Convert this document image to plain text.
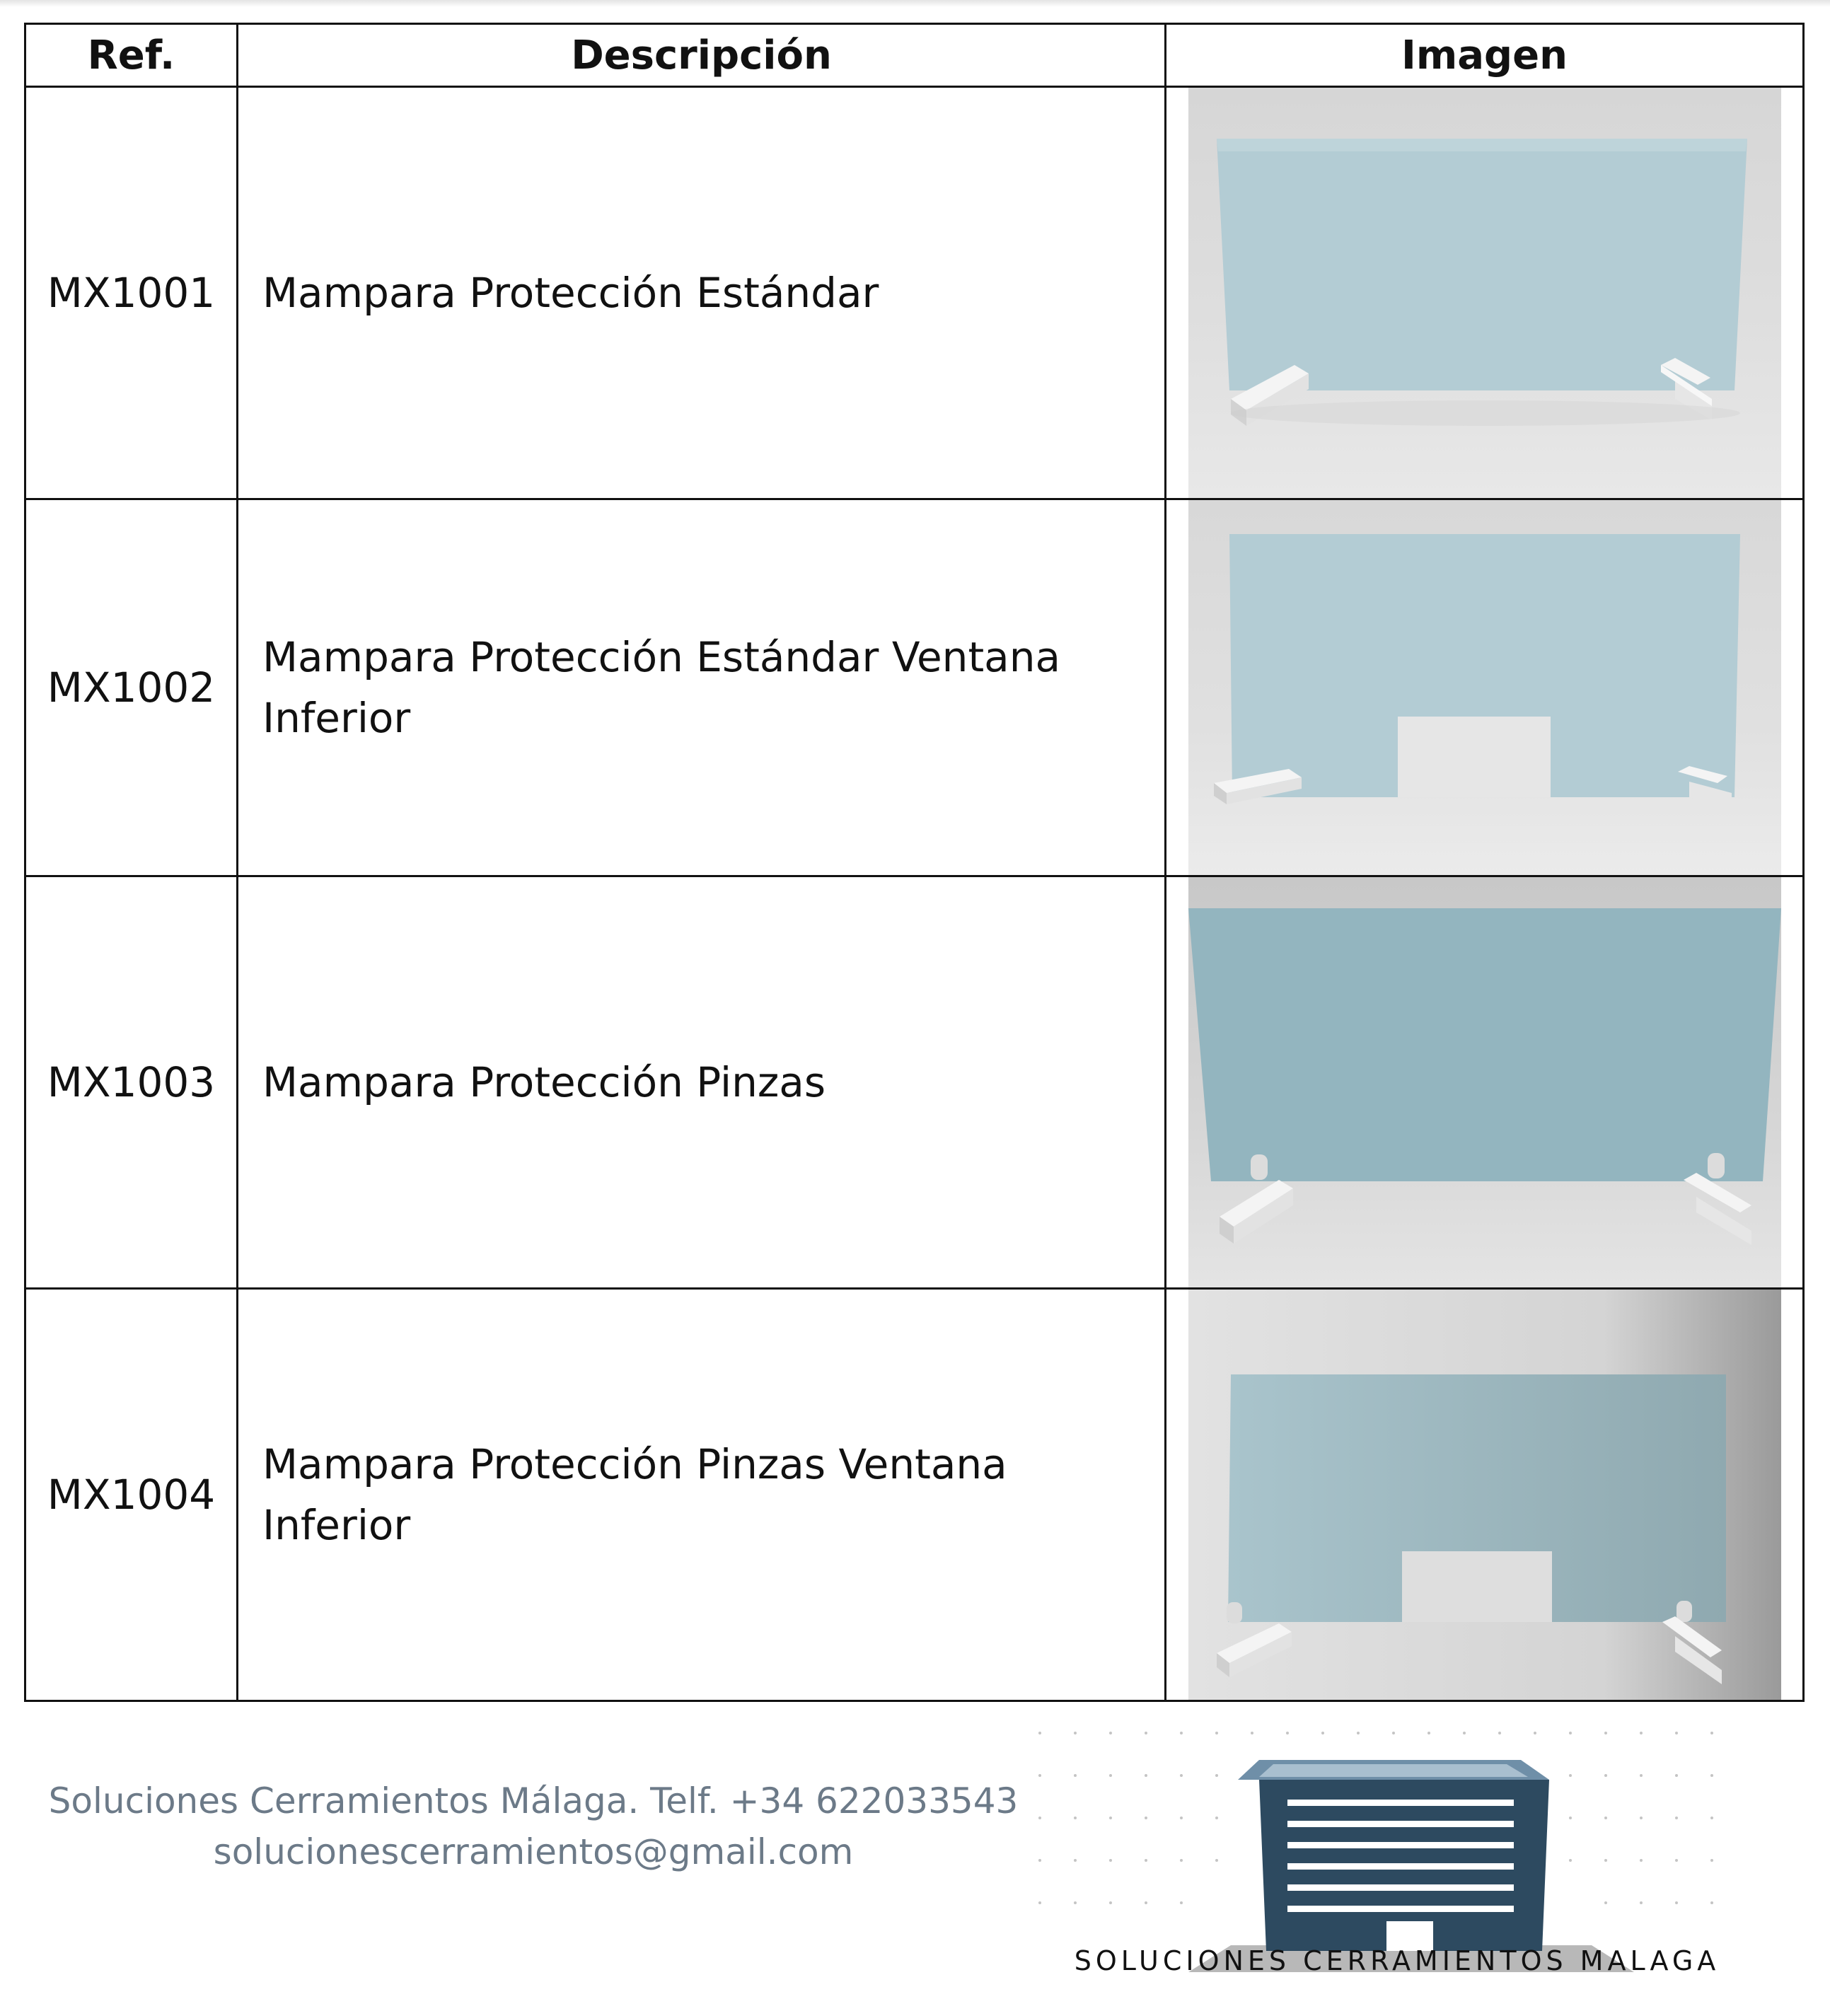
Ref.	Descripción	Imagen
MX1001	Mampara Protección Estándar	

MX1002	Mampara Protección Estándar Ventana Inferior	

MX1003	Mampara Protección Pinzas	

MX1004	Mampara Protección Pinzas Ventana Inferior	
Soluciones Cerramientos Málaga. Telf. +34 622033543
solucionescerramientos@gmail.com
SOLUCIONES CERRAMIENTOS MALAGA
